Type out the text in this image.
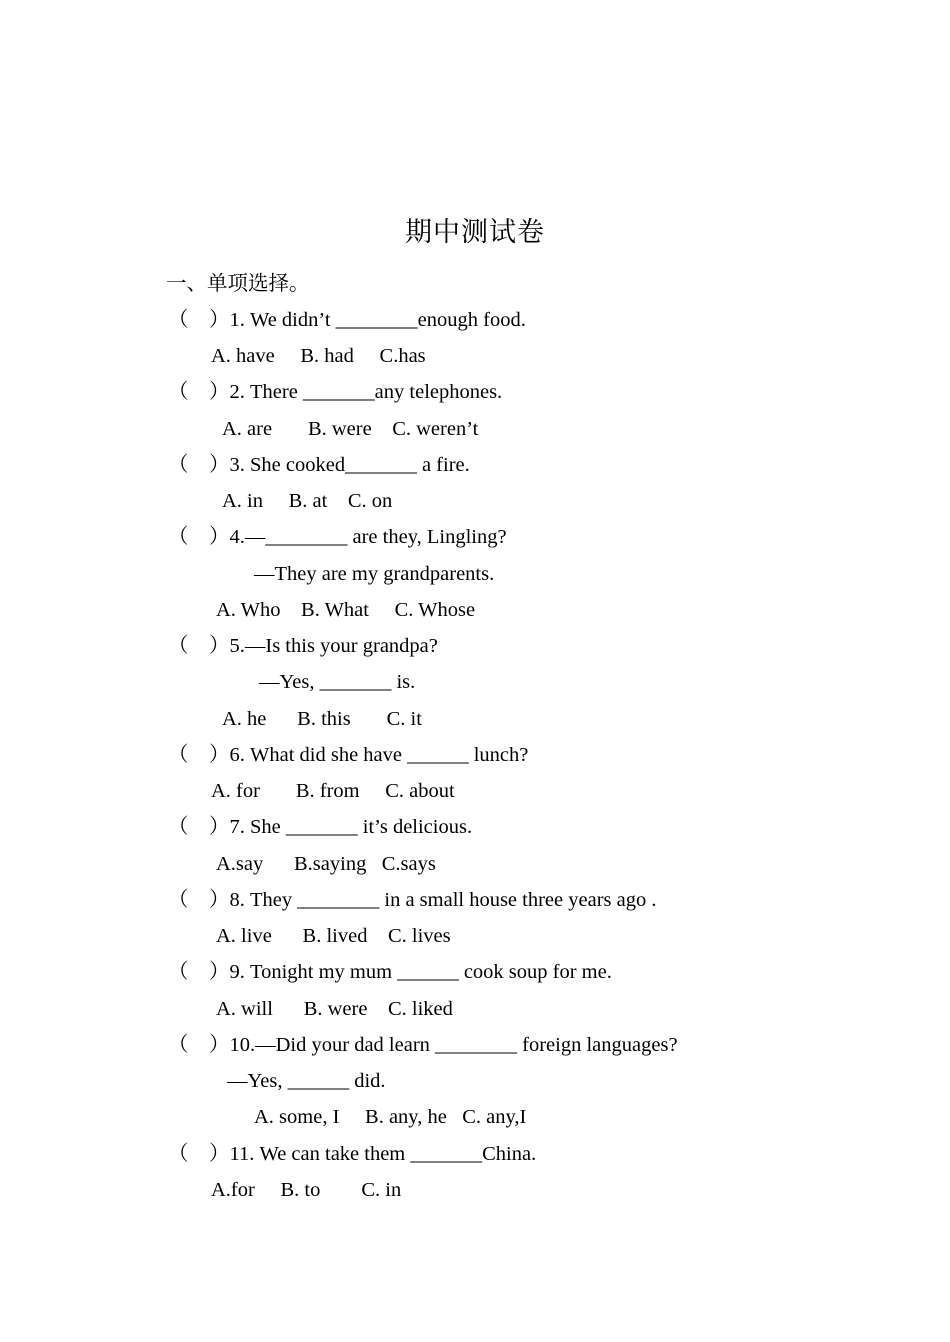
期中测试卷
一、单项选择。
（　）1. We didn’t ________enough food.
A. have     B. had     C.has
（　）2. There _______any telephones.
A. are       B. were    C. weren’t
（　）3. She cooked_______ a fire.
A. in     B. at    C. on
（　）4.—________ are they, Lingling?
—They are my grandparents.
A. Who    B. What     C. Whose
（　）5.—Is this your grandpa?
—Yes, _______ is.
A. he      B. this       C. it
（　）6. What did she have ______ lunch?
A. for       B. from     C. about
（　）7. She _______ it’s delicious.
A.say      B.saying   C.says
（　）8. They ________ in a small house three years ago .
A. live      B. lived    C. lives
（　）9. Tonight my mum ______ cook soup for me.
A. will      B. were    C. liked
（　）10.—Did your dad learn ________ foreign languages?
—Yes, ______ did.
A. some, I     B. any, he   C. any,I
（　）11. We can take them _______China.
A.for     B. to        C. in
